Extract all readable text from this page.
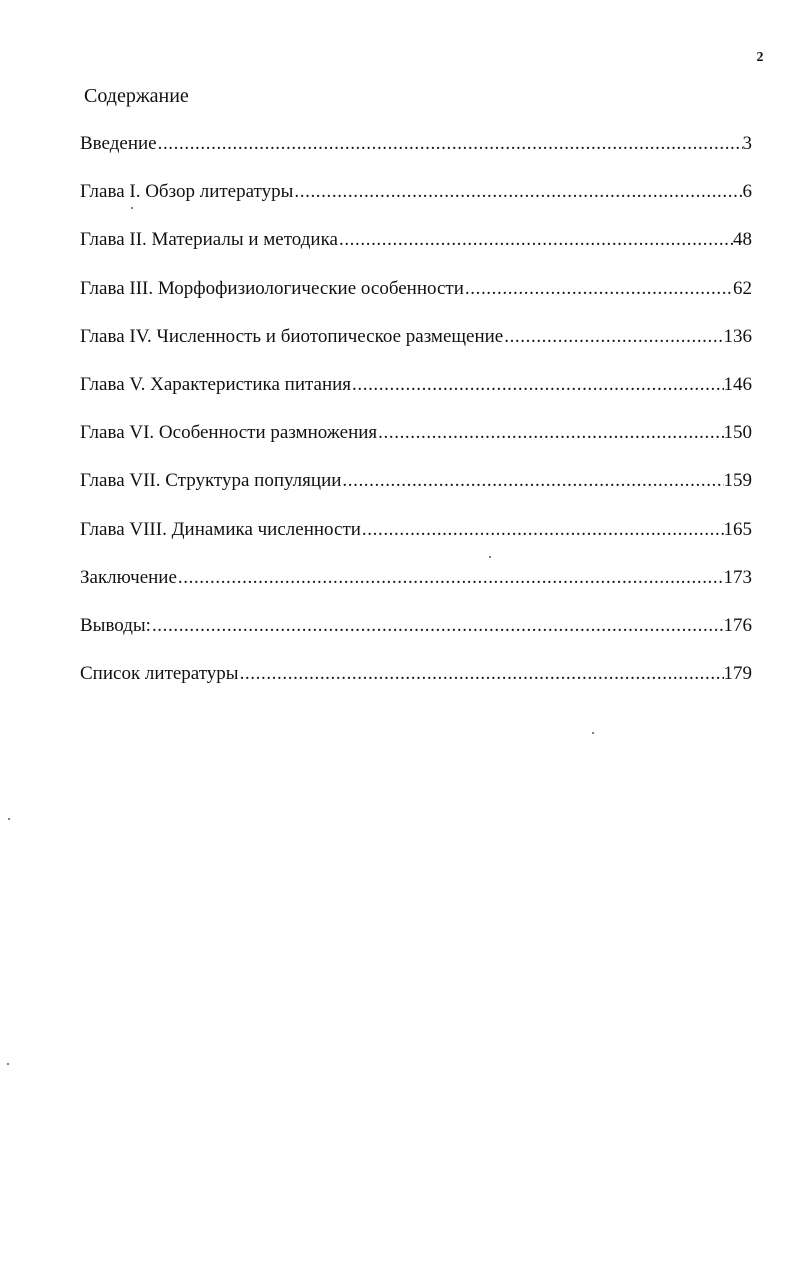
2
Содержание
Введение .....	3
Глава I. Обзор литературы .....	6
Глава II. Материалы и методика .....	48
Глава III. Морфофизиологические особенности .....	62
Глава IV. Численность и биотопическое размещение .....	136
Глава V. Характеристика питания .....	146
Глава VI. Особенности размножения .....	150
Глава VII. Структура популяции .....	159
Глава VIII. Динамика численности .....	165
Заключение .....	173
Выводы: .....	176
Список литературы .....	179
